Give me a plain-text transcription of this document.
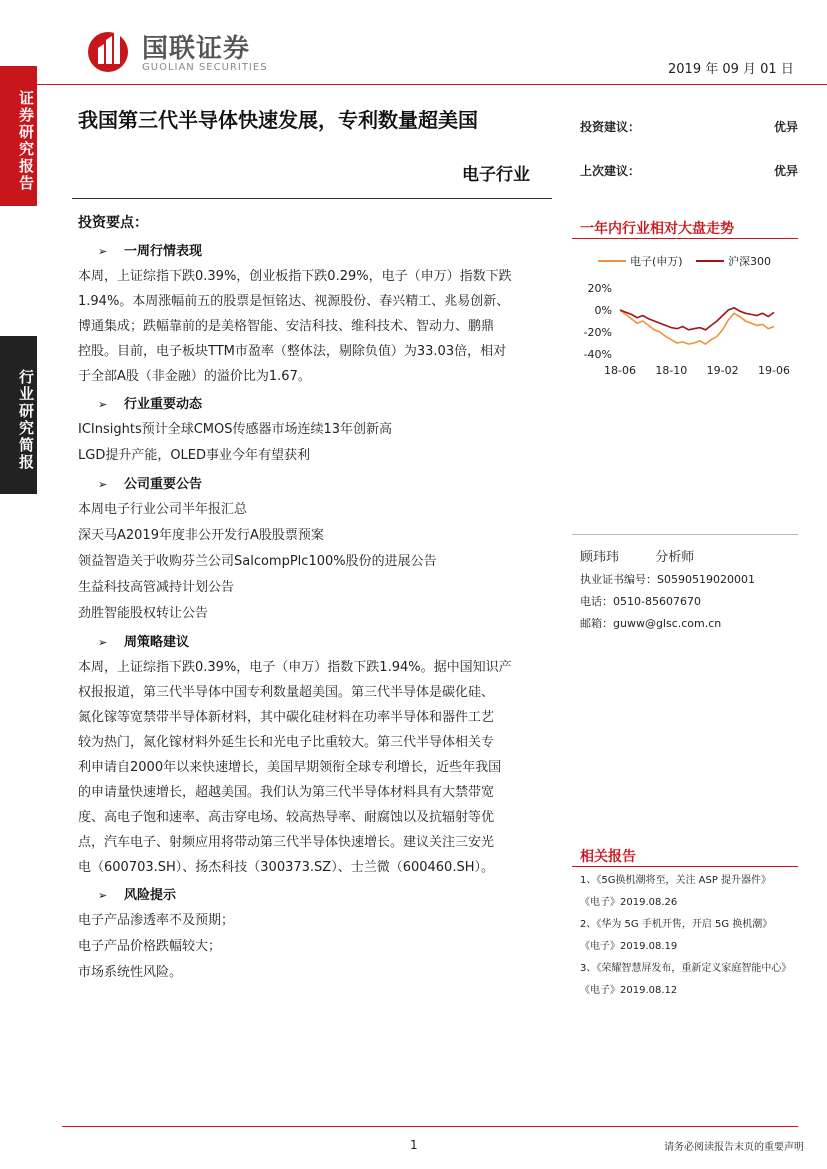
国联证券
GUOLIAN SECURITIES	2019 年 09 月 01 日
证券研究报告
行业研究简报
我国第三代半导体快速发展，专利数量超美国
电子行业
投资建议：	优异
上次建议：	优异
一年内行业相对大盘走势
电子(申万)	沪深300
20%
0%
-20%
-40%
18-06 18-10 19-02 19-06
投资要点：
➢ 一周行情表现
本周，上证综指下跌0.39%，创业板指下跌0.29%，电子（申万）指数下跌
1.94%。本周涨幅前五的股票是恒铭达、视源股份、春兴精工、兆易创新、
博通集成；跌幅靠前的是美格智能、安洁科技、维科技术、智动力、鹏鼎
控股。目前，电子板块TTM市盈率（整体法，剔除负值）为33.03倍，相对
于全部A股（非金融）的溢价比为1.67。
➢ 行业重要动态
ICInsights预计全球CMOS传感器市场连续13年创新高
LGD提升产能，OLED事业今年有望获利
➢ 公司重要公告
本周电子行业公司半年报汇总
深天马A2019年度非公开发行A股股票预案
领益智造关于收购芬兰公司SalcompPlc100%股份的进展公告
生益科技高管减持计划公告
劲胜智能股权转让公告
➢ 周策略建议
本周，上证综指下跌0.39%，电子（申万）指数下跌1.94%。据中国知识产
权报报道，第三代半导体中国专利数量超美国。第三代半导体是碳化硅、
氮化镓等宽禁带半导体新材料，其中碳化硅材料在功率半导体和器件工艺
较为热门，氮化镓材料外延生长和光电子比重较大。第三代半导体相关专
利申请自2000年以来快速增长，美国早期领衔全球专利增长，近些年我国
的申请量快速增长，超越美国。我们认为第三代半导体材料具有大禁带宽
度、高电子饱和速率、高击穿电场、较高热导率、耐腐蚀以及抗辐射等优
点，汽车电子、射频应用将带动第三代半导体快速增长。建议关注三安光
电（600703.SH）、扬杰科技（300373.SZ）、士兰微（600460.SH）。
➢ 风险提示
电子产品渗透率不及预期；
电子产品价格跌幅较大；
市场系统性风险。
顾玮玮	分析师
执业证书编号：S0590519020001
电话：0510-85607670
邮箱：guww@glsc.com.cn
相关报告
1、《5G换机潮将至，关注 ASP 提升器件》
《电子》2019.08.26
2、《华为 5G 手机开售，开启 5G 换机潮》
《电子》2019.08.19
3、《荣耀智慧屏发布，重新定义家庭智能中心》
《电子》2019.08.12
1	请务必阅读报告末页的重要声明
